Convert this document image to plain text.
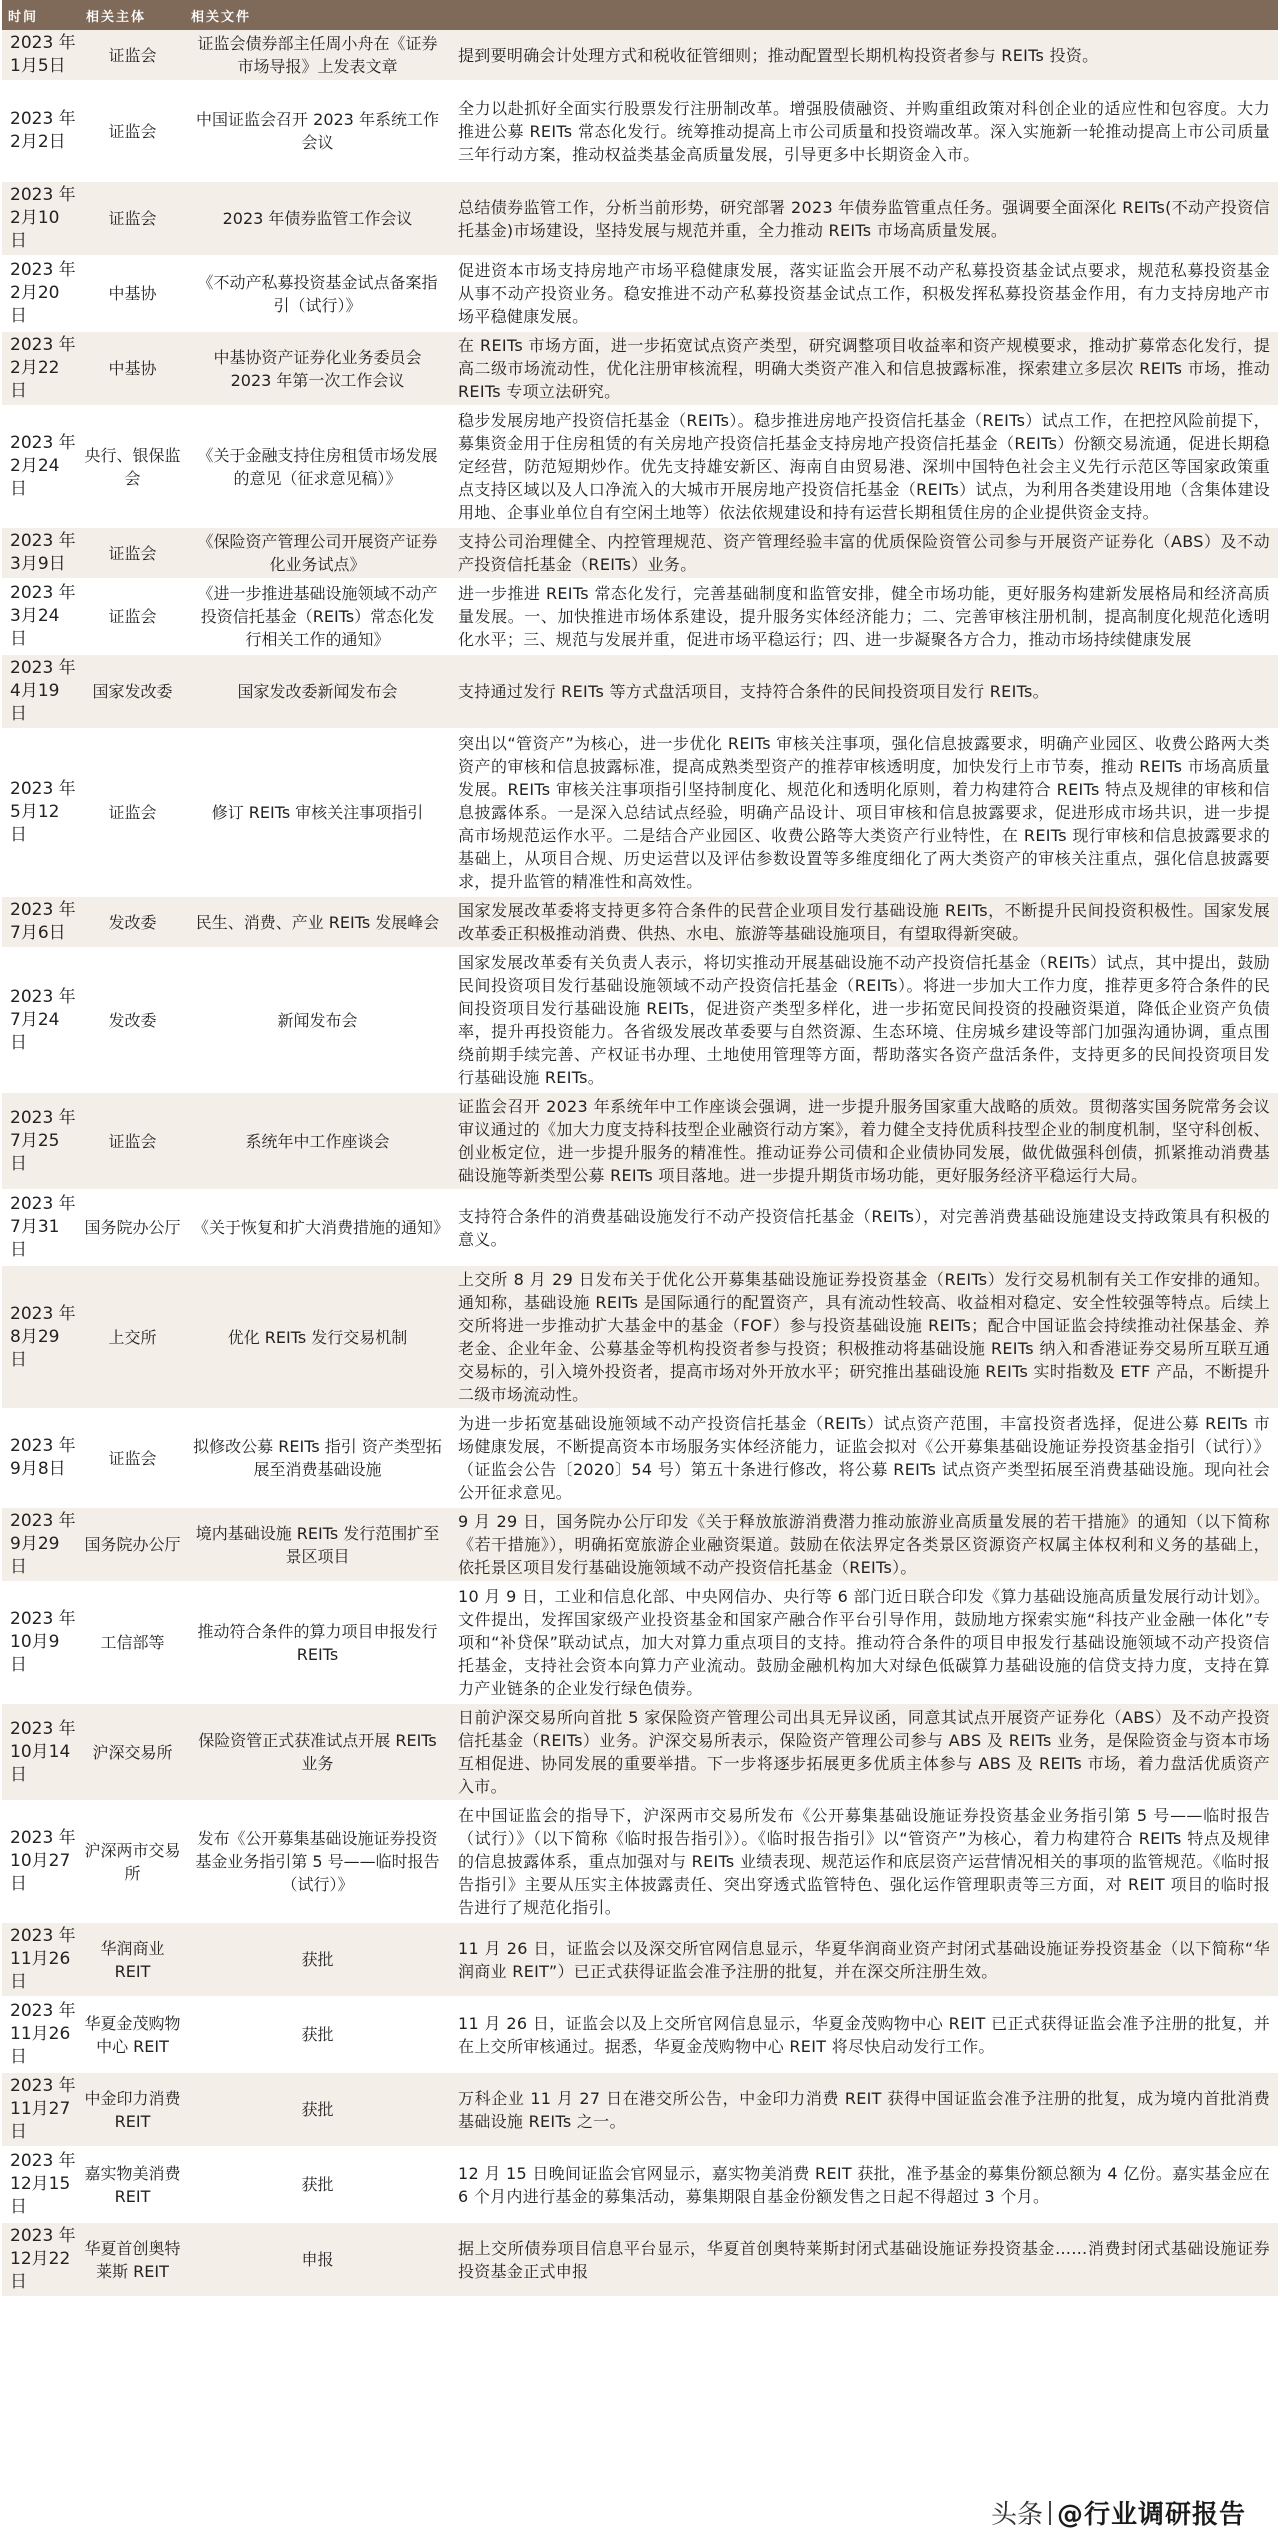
时间	相关主体	相关文件	
2023 年 1月5日	证监会	证监会债券部主任周小舟在《证券市场导报》上发表文章	提到要明确会计处理方式和税收征管细则；推动配置型长期机构投资者参与 REITs 投资。
2023 年 2月2日	证监会	中国证监会召开 2023 年系统工作会议	全力以赴抓好全面实行股票发行注册制改革。增强股债融资、并购重组政策对科创企业的适应性和包容度。大力推进公募 REITs 常态化发行。统筹推动提高上市公司质量和投资端改革。深入实施新一轮推动提高上市公司质量三年行动方案，推动权益类基金高质量发展，引导更多中长期资金入市。
2023 年 2月10日	证监会	2023 年债券监管工作会议	总结债券监管工作，分析当前形势，研究部署 2023 年债券监管重点任务。强调要全面深化 REITs(不动产投资信托基金)市场建设，坚持发展与规范并重，全力推动 REITs 市场高质量发展。
2023 年 2月20日	中基协	《不动产私募投资基金试点备案指引（试行）》	促进资本市场支持房地产市场平稳健康发展，落实证监会开展不动产私募投资基金试点要求，规范私募投资基金从事不动产投资业务。稳安推进不动产私募投资基金试点工作，积极发挥私募投资基金作用，有力支持房地产市场平稳健康发展。
2023 年 2月22日	中基协	中基协资产证券化业务委员会 2023 年第一次工作会议	在 REITs 市场方面，进一步拓宽试点资产类型，研究调整项目收益率和资产规模要求，推动扩募常态化发行，提高二级市场流动性，优化注册审核流程，明确大类资产准入和信息披露标准，探索建立多层次 REITs 市场，推动 REITs 专项立法研究。
2023 年 2月24日	央行、银保监会	《关于金融支持住房租赁市场发展的意见（征求意见稿）》	稳步发展房地产投资信托基金（REITs）。稳步推进房地产投资信托基金（REITs）试点工作，在把控风险前提下，募集资金用于住房租赁的有关房地产投资信托基金支持房地产投资信托基金（REITs）份额交易流通，促进长期稳定经营，防范短期炒作。优先支持雄安新区、海南自由贸易港、深圳中国特色社会主义先行示范区等国家政策重点支持区域以及人口净流入的大城市开展房地产投资信托基金（REITs）试点，为利用各类建设用地（含集体建设用地、企事业单位自有空闲土地等）依法依规建设和持有运营长期租赁住房的企业提供资金支持。
2023 年 3月9日	证监会	《保险资产管理公司开展资产证券化业务试点》	支持公司治理健全、内控管理规范、资产管理经验丰富的优质保险资管公司参与开展资产证券化（ABS）及不动产投资信托基金（REITs）业务。
2023 年 3月24日	证监会	《进一步推进基础设施领域不动产投资信托基金（REITs）常态化发行相关工作的通知》	进一步推进 REITs 常态化发行，完善基础制度和监管安排，健全市场功能，更好服务构建新发展格局和经济高质量发展。一、加快推进市场体系建设，提升服务实体经济能力；二、完善审核注册机制，提高制度化规范化透明化水平；三、规范与发展并重，促进市场平稳运行；四、进一步凝聚各方合力，推动市场持续健康发展
2023 年 4月19日	国家发改委	国家发改委新闻发布会	支持通过发行 REITs 等方式盘活项目，支持符合条件的民间投资项目发行 REITs。
2023 年 5月12日	证监会	修订 REITs 审核关注事项指引	突出以“管资产”为核心，进一步优化 REITs 审核关注事项，强化信息披露要求，明确产业园区、收费公路两大类资产的审核和信息披露标准，提高成熟类型资产的推荐审核透明度，加快发行上市节奏，推动 REITs 市场高质量发展。REITs 审核关注事项指引坚持制度化、规范化和透明化原则，着力构建符合 REITs 特点及规律的审核和信息披露体系。一是深入总结试点经验，明确产品设计、项目审核和信息披露要求，促进形成市场共识，进一步提高市场规范运作水平。二是结合产业园区、收费公路等大类资产行业特性，在 REITs 现行审核和信息披露要求的基础上，从项目合规、历史运营以及评估参数设置等多维度细化了两大类资产的审核关注重点，强化信息披露要求，提升监管的精准性和高效性。
2023 年 7月6日	发改委	民生、消费、产业 REITs 发展峰会	国家发展改革委将支持更多符合条件的民营企业项目发行基础设施 REITs，不断提升民间投资积极性。国家发展改革委正积极推动消费、供热、水电、旅游等基础设施项目，有望取得新突破。
2023 年 7月24日	发改委	新闻发布会	国家发展改革委有关负责人表示，将切实推动开展基础设施不动产投资信托基金（REITs）试点，其中提出，鼓励民间投资项目发行基础设施领域不动产投资信托基金（REITs）。将进一步加大工作力度，推荐更多符合条件的民间投资项目发行基础设施 REITs，促进资产类型多样化，进一步拓宽民间投资的投融资渠道，降低企业资产负债率，提升再投资能力。各省级发展改革委要与自然资源、生态环境、住房城乡建设等部门加强沟通协调，重点围绕前期手续完善、产权证书办理、土地使用管理等方面，帮助落实各资产盘活条件，支持更多的民间投资项目发行基础设施 REITs。
2023 年 7月25日	证监会	系统年中工作座谈会	证监会召开 2023 年系统年中工作座谈会强调，进一步提升服务国家重大战略的质效。贯彻落实国务院常务会议审议通过的《加大力度支持科技型企业融资行动方案》，着力健全支持优质科技型企业的制度机制，坚守科创板、创业板定位，进一步提升服务的精准性。推动证券公司债和企业债协同发展，做优做强科创债，抓紧推动消费基础设施等新类型公募 REITs 项目落地。进一步提升期货市场功能，更好服务经济平稳运行大局。
2023 年 7月31日	国务院办公厅	《关于恢复和扩大消费措施的通知》	支持符合条件的消费基础设施发行不动产投资信托基金（REITs），对完善消费基础设施建设支持政策具有积极的意义。
2023 年 8月29日	上交所	优化 REITs 发行交易机制	上交所 8 月 29 日发布关于优化公开募集基础设施证券投资基金（REITs）发行交易机制有关工作安排的通知。通知称，基础设施 REITs 是国际通行的配置资产，具有流动性较高、收益相对稳定、安全性较强等特点。后续上交所将进一步推动扩大基金中的基金（FOF）参与投资基础设施 REITs；配合中国证监会持续推动社保基金、养老金、企业年金、公募基金等机构投资者参与投资；积极推动将基础设施 REITs 纳入和香港证券交易所互联互通交易标的，引入境外投资者，提高市场对外开放水平；研究推出基础设施 REITs 实时指数及 ETF 产品，不断提升二级市场流动性。
2023 年 9月8日	证监会	拟修改公募 REITs 指引 资产类型拓展至消费基础设施	为进一步拓宽基础设施领域不动产投资信托基金（REITs）试点资产范围，丰富投资者选择，促进公募 REITs 市场健康发展，不断提高资本市场服务实体经济能力，证监会拟对《公开募集基础设施证券投资基金指引（试行）》（证监会公告〔2020〕54 号）第五十条进行修改，将公募 REITs 试点资产类型拓展至消费基础设施。现向社会公开征求意见。
2023 年 9月29日	国务院办公厅	境内基础设施 REITs 发行范围扩至景区项目	9 月 29 日，国务院办公厅印发《关于释放旅游消费潜力推动旅游业高质量发展的若干措施》的通知（以下简称《若干措施》），明确拓宽旅游企业融资渠道。鼓励在依法界定各类景区资源资产权属主体权利和义务的基础上，依托景区项目发行基础设施领域不动产投资信托基金（REITs）。
2023 年 10月9日	工信部等	推动符合条件的算力项目申报发行 REITs	10 月 9 日，工业和信息化部、中央网信办、央行等 6 部门近日联合印发《算力基础设施高质量发展行动计划》。文件提出，发挥国家级产业投资基金和国家产融合作平台引导作用，鼓励地方探索实施“科技产业金融一体化”专项和“补贷保”联动试点，加大对算力重点项目的支持。推动符合条件的项目申报发行基础设施领域不动产投资信托基金，支持社会资本向算力产业流动。鼓励金融机构加大对绿色低碳算力基础设施的信贷支持力度，支持在算力产业链条的企业发行绿色债券。
2023 年 10月14日	沪深交易所	保险资管正式获准试点开展 REITs 业务	日前沪深交易所向首批 5 家保险资产管理公司出具无异议函，同意其试点开展资产证券化（ABS）及不动产投资信托基金（REITs）业务。沪深交易所表示，保险资产管理公司参与 ABS 及 REITs 业务，是保险资金与资本市场互相促进、协同发展的重要举措。下一步将逐步拓展更多优质主体参与 ABS 及 REITs 市场，着力盘活优质资产入市。
2023 年 10月27日	沪深两市交易所	发布《公开募集基础设施证券投资基金业务指引第 5 号——临时报告（试行）》	在中国证监会的指导下，沪深两市交易所发布《公开募集基础设施证券投资基金业务指引第 5 号——临时报告（试行）》（以下简称《临时报告指引》）。《临时报告指引》以“管资产”为核心，着力构建符合 REITs 特点及规律的信息披露体系，重点加强对与 REITs 业绩表现、规范运作和底层资产运营情况相关的事项的监管规范。《临时报告指引》主要从压实主体披露责任、突出穿透式监管特色、强化运作管理职责等三方面，对 REIT 项目的临时报告进行了规范化指引。
2023 年 11月26日	华润商业 REIT	获批	11 月 26 日，证监会以及深交所官网信息显示，华夏华润商业资产封闭式基础设施证券投资基金（以下简称“华润商业 REIT”）已正式获得证监会准予注册的批复，并在深交所注册生效。
2023 年 11月26日	华夏金茂购物中心 REIT	获批	11 月 26 日，证监会以及上交所官网信息显示，华夏金茂购物中心 REIT 已正式获得证监会准予注册的批复，并在上交所审核通过。据悉，华夏金茂购物中心 REIT 将尽快启动发行工作。
2023 年 11月27日	中金印力消费 REIT	获批	万科企业 11 月 27 日在港交所公告，中金印力消费 REIT 获得中国证监会准予注册的批复，成为境内首批消费基础设施 REITs 之一。
2023 年 12月15日	嘉实物美消费 REIT	获批	12 月 15 日晚间证监会官网显示，嘉实物美消费 REIT 获批，准予基金的募集份额总额为 4 亿份。嘉实基金应在 6 个月内进行基金的募集活动，募集期限自基金份额发售之日起不得超过 3 个月。
2023 年 12月22日	华夏首创奥特莱斯 REIT	申报	据上交所债券项目信息平台显示，华夏首创奥特莱斯封闭式基础设施证券投资基金……消费封闭式基础设施证券投资基金正式申报
头条 @行业调研报告
